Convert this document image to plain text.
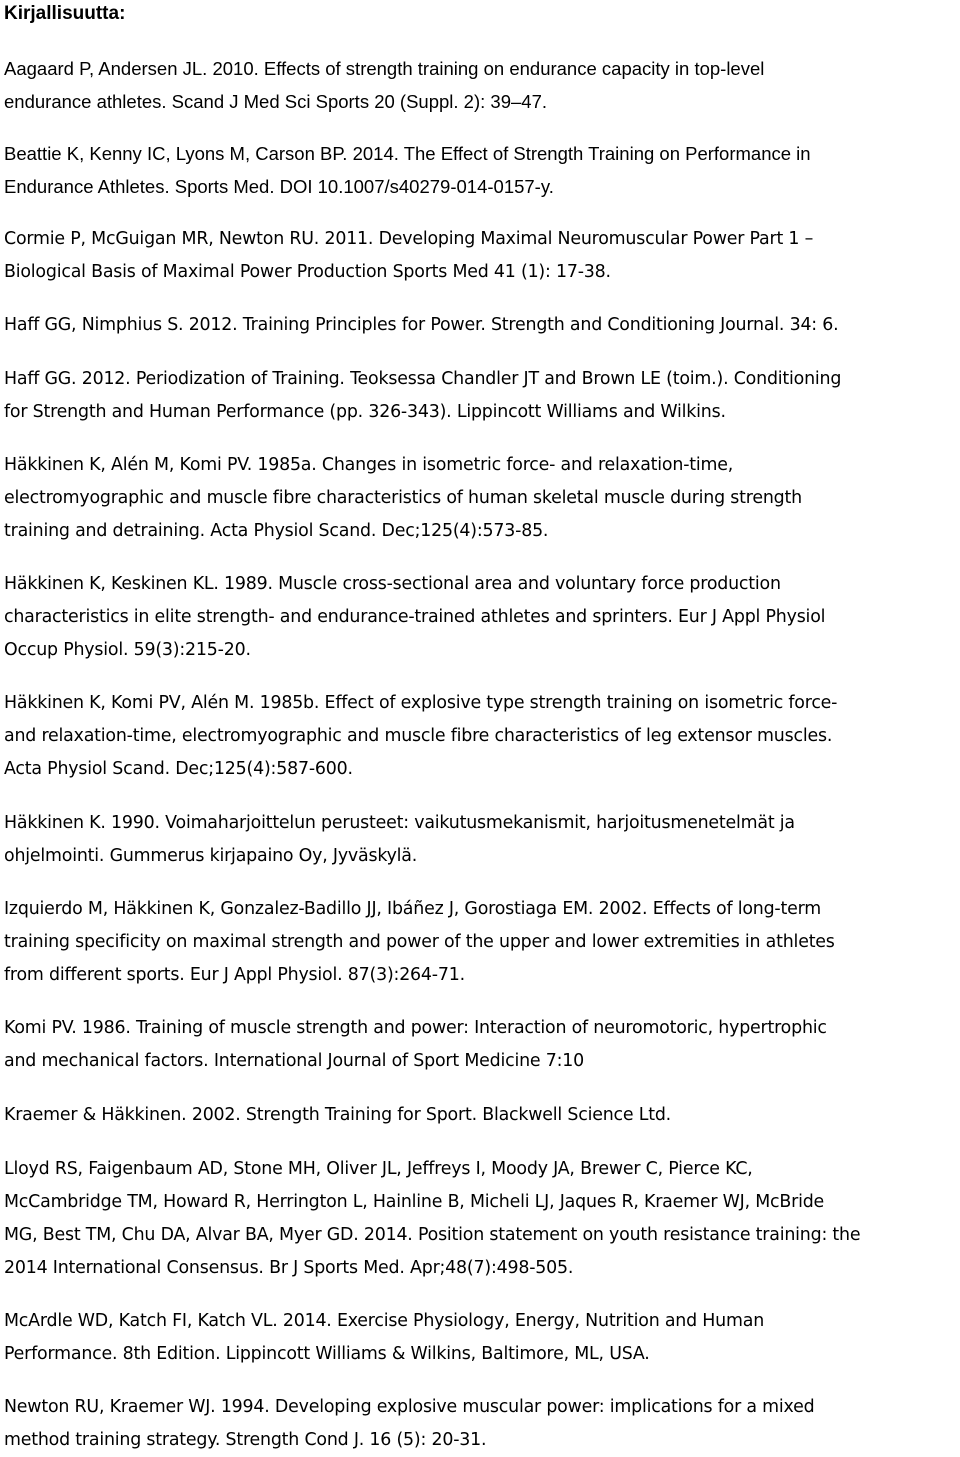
Kirjallisuutta:

Aagaard P, Andersen JL. 2010. Effects of strength training on endurance capacity in top-level
endurance athletes. Scand J Med Sci Sports 20 (Suppl. 2): 39–47.

Beattie K, Kenny IC, Lyons M, Carson BP. 2014. The Effect of Strength Training on Performance in
Endurance Athletes. Sports Med. DOI 10.1007/s40279-014-0157-y.

Cormie P, McGuigan MR, Newton RU. 2011. Developing Maximal Neuromuscular Power Part 1 –
Biological Basis of Maximal Power Production Sports Med 41 (1): 17-38.

Haff GG, Nimphius S. 2012. Training Principles for Power. Strength and Conditioning Journal. 34: 6.

Haff GG. 2012. Periodization of Training. Teoksessa Chandler JT and Brown LE (toim.). Conditioning
for Strength and Human Performance (pp. 326-343). Lippincott Williams and Wilkins.

Häkkinen K, Alén M, Komi PV. 1985a. Changes in isometric force- and relaxation-time,
electromyographic and muscle fibre characteristics of human skeletal muscle during strength
training and detraining. Acta Physiol Scand. Dec;125(4):573-85.

Häkkinen K, Keskinen KL. 1989. Muscle cross-sectional area and voluntary force production
characteristics in elite strength- and endurance-trained athletes and sprinters. Eur J Appl Physiol
Occup Physiol. 59(3):215-20.

Häkkinen K, Komi PV, Alén M. 1985b. Effect of explosive type strength training on isometric force-
and relaxation-time, electromyographic and muscle fibre characteristics of leg extensor muscles.
Acta Physiol Scand. Dec;125(4):587-600.

Häkkinen K. 1990. Voimaharjoittelun perusteet: vaikutusmekanismit, harjoitusmenetelmät ja
ohjelmointi. Gummerus kirjapaino Oy, Jyväskylä.

Izquierdo M, Häkkinen K, Gonzalez-Badillo JJ, Ibáñez J, Gorostiaga EM. 2002. Effects of long-term
training specificity on maximal strength and power of the upper and lower extremities in athletes
from different sports. Eur J Appl Physiol. 87(3):264-71.

Komi PV. 1986. Training of muscle strength and power: Interaction of neuromotoric, hypertrophic
and mechanical factors. International Journal of Sport Medicine 7:10

Kraemer & Häkkinen. 2002. Strength Training for Sport. Blackwell Science Ltd.

Lloyd RS, Faigenbaum AD, Stone MH, Oliver JL, Jeffreys I, Moody JA, Brewer C, Pierce KC,
McCambridge TM, Howard R, Herrington L, Hainline B, Micheli LJ, Jaques R, Kraemer WJ, McBride
MG, Best TM, Chu DA, Alvar BA, Myer GD. 2014. Position statement on youth resistance training: the
2014 International Consensus. Br J Sports Med. Apr;48(7):498-505.

McArdle WD, Katch FI, Katch VL. 2014. Exercise Physiology, Energy, Nutrition and Human
Performance. 8th Edition. Lippincott Williams & Wilkins, Baltimore, ML, USA.

Newton RU, Kraemer WJ. 1994. Developing explosive muscular power: implications for a mixed
method training strategy. Strength Cond J. 16 (5): 20-31.
